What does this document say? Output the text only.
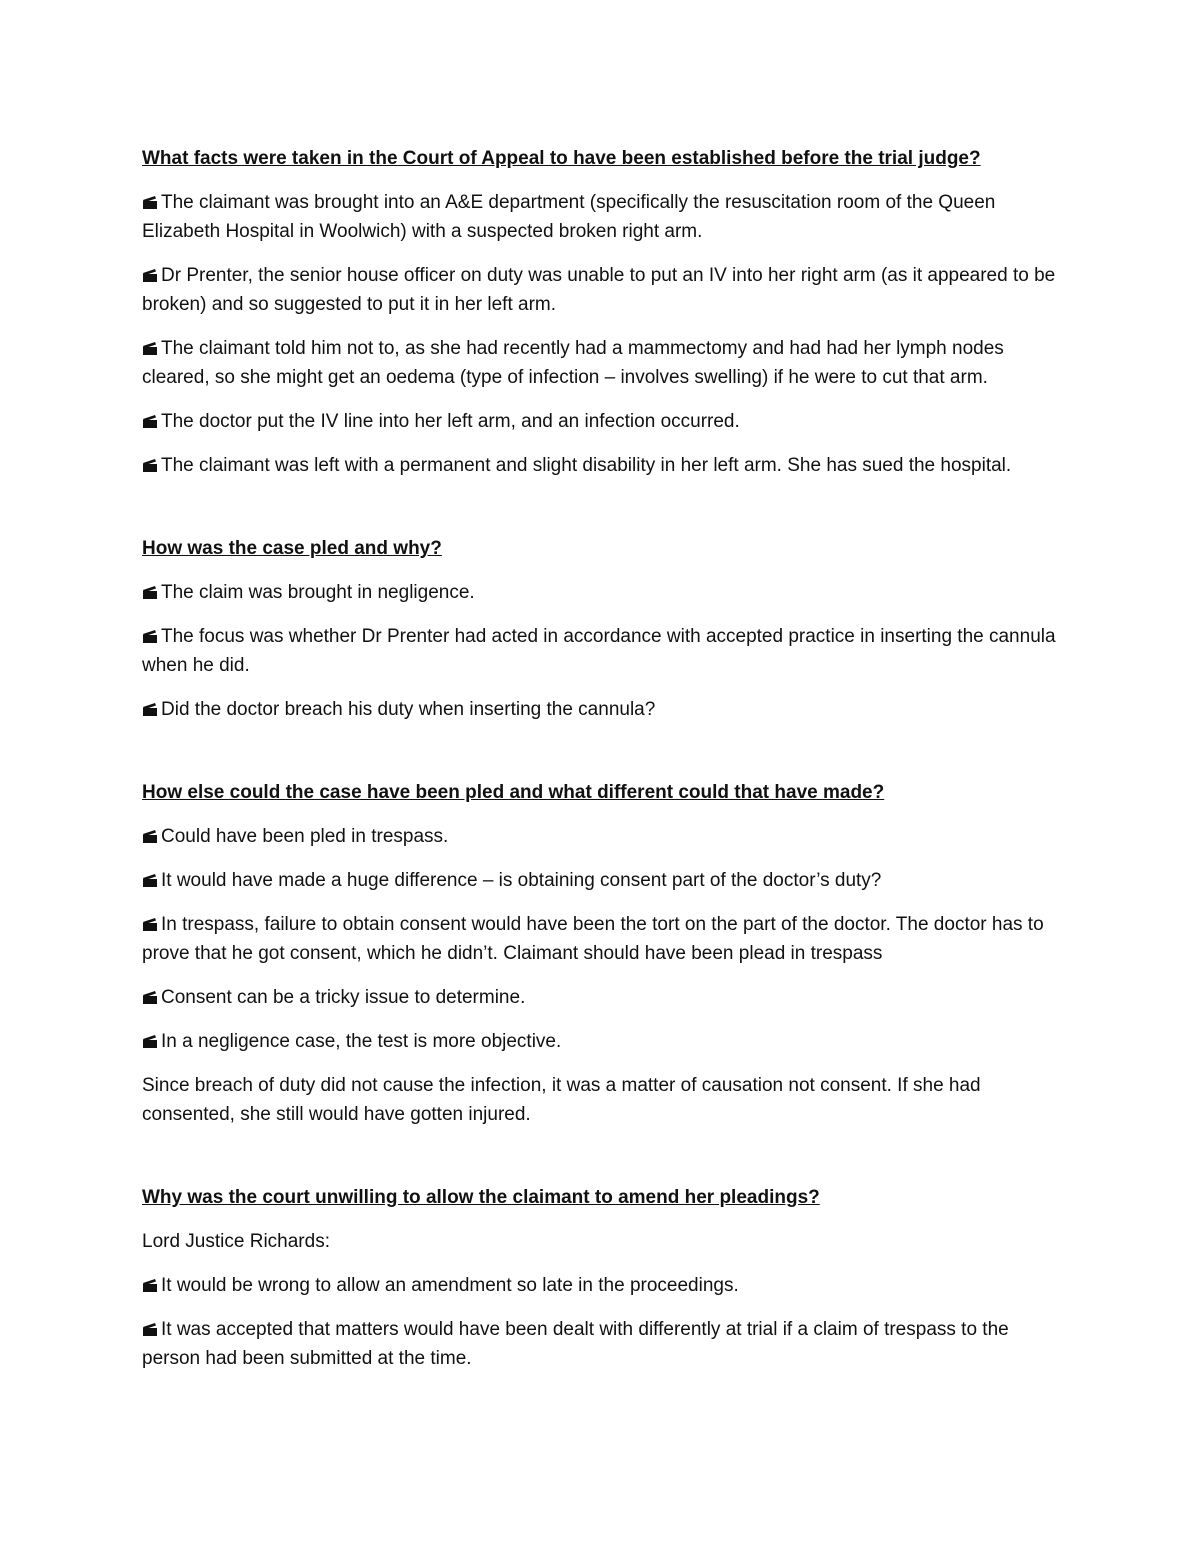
What facts were taken in the Court of Appeal to have been established before the trial judge?

The claimant was brought into an A&E department (specifically the resuscitation room of the Queen Elizabeth Hospital in Woolwich) with a suspected broken right arm.

Dr Prenter, the senior house officer on duty was unable to put an IV into her right arm (as it appeared to be broken) and so suggested to put it in her left arm.

The claimant told him not to, as she had recently had a mammectomy and had had her lymph nodes cleared, so she might get an oedema (type of infection – involves swelling) if he were to cut that arm.

The doctor put the IV line into her left arm, and an infection occurred.

The claimant was left with a permanent and slight disability in her left arm. She has sued the hospital.

How was the case pled and why?

The claim was brought in negligence.

The focus was whether Dr Prenter had acted in accordance with accepted practice in inserting the cannula when he did.

Did the doctor breach his duty when inserting the cannula?

How else could the case have been pled and what different could that have made?

Could have been pled in trespass.

It would have made a huge difference – is obtaining consent part of the doctor’s duty?

In trespass, failure to obtain consent would have been the tort on the part of the doctor. The doctor has to prove that he got consent, which he didn’t. Claimant should have been plead in trespass

Consent can be a tricky issue to determine.

In a negligence case, the test is more objective.

Since breach of duty did not cause the infection, it was a matter of causation not consent. If she had consented, she still would have gotten injured.

Why was the court unwilling to allow the claimant to amend her pleadings?

Lord Justice Richards:

It would be wrong to allow an amendment so late in the proceedings.

It was accepted that matters would have been dealt with differently at trial if a claim of trespass to the person had been submitted at the time.
